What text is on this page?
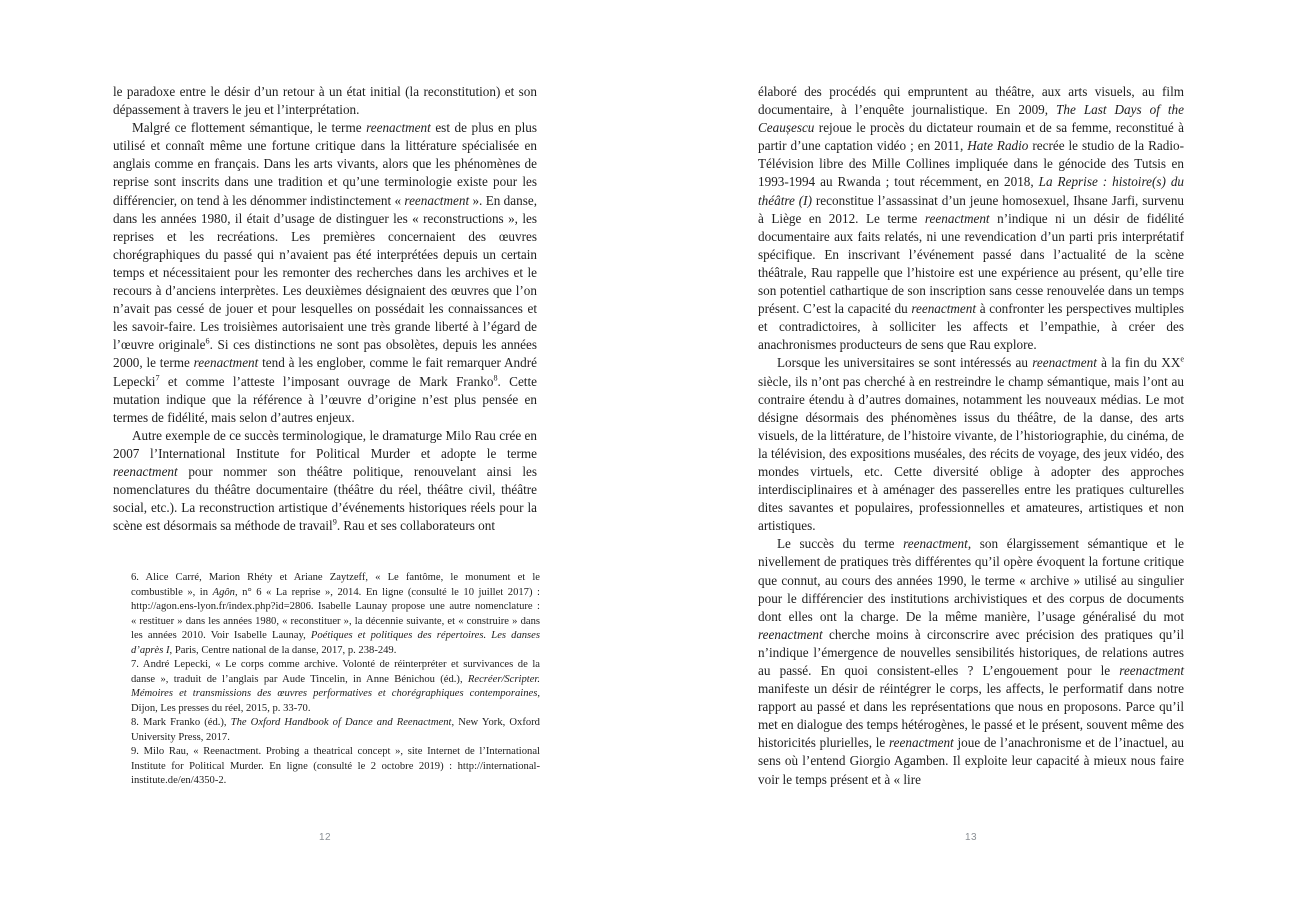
le paradoxe entre le désir d’un retour à un état initial (la reconstitution) et son dépassement à travers le jeu et l’interprétation.

Malgré ce flottement sémantique, le terme reenactment est de plus en plus utilisé et connaît même une fortune critique dans la littérature spécialisée en anglais comme en français. Dans les arts vivants, alors que les phénomènes de reprise sont inscrits dans une tradition et qu’une terminologie existe pour les différencier, on tend à les dénommer indistinctement « reenactment ». En danse, dans les années 1980, il était d’usage de distinguer les « reconstructions », les reprises et les recréations. Les premières concernaient des œuvres chorégraphiques du passé qui n’avaient pas été interprétées depuis un certain temps et nécessitaient pour les remonter des recherches dans les archives et le recours à d’anciens interprètes. Les deuxièmes désignaient des œuvres que l’on n’avait pas cessé de jouer et pour lesquelles on possédait les connaissances et les savoir-faire. Les troisièmes autorisaient une très grande liberté à l’égard de l’œuvre originale$^6$. Si ces distinctions ne sont pas obsolètes, depuis les années 2000, le terme reenactment tend à les englober, comme le fait remarquer André Lepecki$^7$ et comme l’atteste l’imposant ouvrage de Mark Franko$^8$. Cette mutation indique que la référence à l’œuvre d’origine n’est plus pensée en termes de fidélité, mais selon d’autres enjeux.

Autre exemple de ce succès terminologique, le dramaturge Milo Rau crée en 2007 l’International Institute for Political Murder et adopte le terme reenactment pour nommer son théâtre politique, renouvelant ainsi les nomenclatures du théâtre documentaire (théâtre du réel, théâtre civil, théâtre social, etc.). La reconstruction artistique d’événements historiques réels pour la scène est désormais sa méthode de travail$^9$. Rau et ses collaborateurs ont

6. Alice Carré, Marion Rhéty et Ariane Zaytzeff, « Le fantôme, le monument et le combustible », in Agôn, n° 6 « La reprise », 2014. En ligne (consulté le 10 juillet 2017) : http://agon.ens-lyon.fr/index.php?id=2806. Isabelle Launay propose une autre nomenclature : « restituer » dans les années 1980, « reconstituer », la décennie suivante, et « construire » dans les années 2010. Voir Isabelle Launay, Poétiques et politiques des répertoires. Les danses d’après I, Paris, Centre national de la danse, 2017, p. 238-249.

7. André Lepecki, « Le corps comme archive. Volonté de réinterpréter et survivances de la danse », traduit de l’anglais par Aude Tincelin, in Anne Bénichou (éd.), Recréer/Scripter. Mémoires et transmissions des œuvres performatives et chorégraphiques contemporaines, Dijon, Les presses du réel, 2015, p. 33-70.

8. Mark Franko (éd.), The Oxford Handbook of Dance and Reenactment, New York, Oxford University Press, 2017.

9. Milo Rau, « Reenactment. Probing a theatrical concept », site Internet de l’International Institute for Political Murder. En ligne (consulté le 2 octobre 2019) : http://international-institute.de/en/4350-2.

12

élaboré des procédés qui empruntent au théâtre, aux arts visuels, au film documentaire, à l’enquête journalistique. En 2009, The Last Days of the Ceaușescu rejoue le procès du dictateur roumain et de sa femme, reconstitué à partir d’une captation vidéo ; en 2011, Hate Radio recrée le studio de la Radio-Télévision libre des Mille Collines impliquée dans le génocide des Tutsis en 1993-1994 au Rwanda ; tout récemment, en 2018, La Reprise : histoire(s) du théâtre (I) reconstitue l’assassinat d’un jeune homosexuel, Ihsane Jarfi, survenu à Liège en 2012. Le terme reenactment n’indique ni un désir de fidélité documentaire aux faits relatés, ni une revendication d’un parti pris interprétatif spécifique. En inscrivant l’événement passé dans l’actualité de la scène théâtrale, Rau rappelle que l’histoire est une expérience au présent, qu’elle tire son potentiel cathartique de son inscription sans cesse renouvelée dans un temps présent. C’est la capacité du reenactment à confronter les perspectives multiples et contradictoires, à solliciter les affects et l’empathie, à créer des anachronismes producteurs de sens que Rau explore.

Lorsque les universitaires se sont intéressés au reenactment à la fin du XXe siècle, ils n’ont pas cherché à en restreindre le champ sémantique, mais l’ont au contraire étendu à d’autres domaines, notamment les nouveaux médias. Le mot désigne désormais des phénomènes issus du théâtre, de la danse, des arts visuels, de la littérature, de l’histoire vivante, de l’historiographie, du cinéma, de la télévision, des expositions muséales, des récits de voyage, des jeux vidéo, des mondes virtuels, etc. Cette diversité oblige à adopter des approches interdisciplinaires et à aménager des passerelles entre les pratiques culturelles dites savantes et populaires, professionnelles et amateures, artistiques et non artistiques.

Le succès du terme reenactment, son élargissement sémantique et le nivellement de pratiques très différentes qu’il opère évoquent la fortune critique que connut, au cours des années 1990, le terme « archive » utilisé au singulier pour le différencier des institutions archivistiques et des corpus de documents dont elles ont la charge. De la même manière, l’usage généralisé du mot reenactment cherche moins à circonscrire avec précision des pratiques qu’il n’indique l’émergence de nouvelles sensibilités historiques, de relations autres au passé. En quoi consistent-elles ? L’engouement pour le reenactment manifeste un désir de réintégrer le corps, les affects, le performatif dans notre rapport au passé et dans les représentations que nous en proposons. Parce qu’il met en dialogue des temps hétérogènes, le passé et le présent, souvent même des historicités plurielles, le reenactment joue de l’anachronisme et de l’inactuel, au sens où l’entend Giorgio Agamben. Il exploite leur capacité à mieux nous faire voir le temps présent et à « lire

13
